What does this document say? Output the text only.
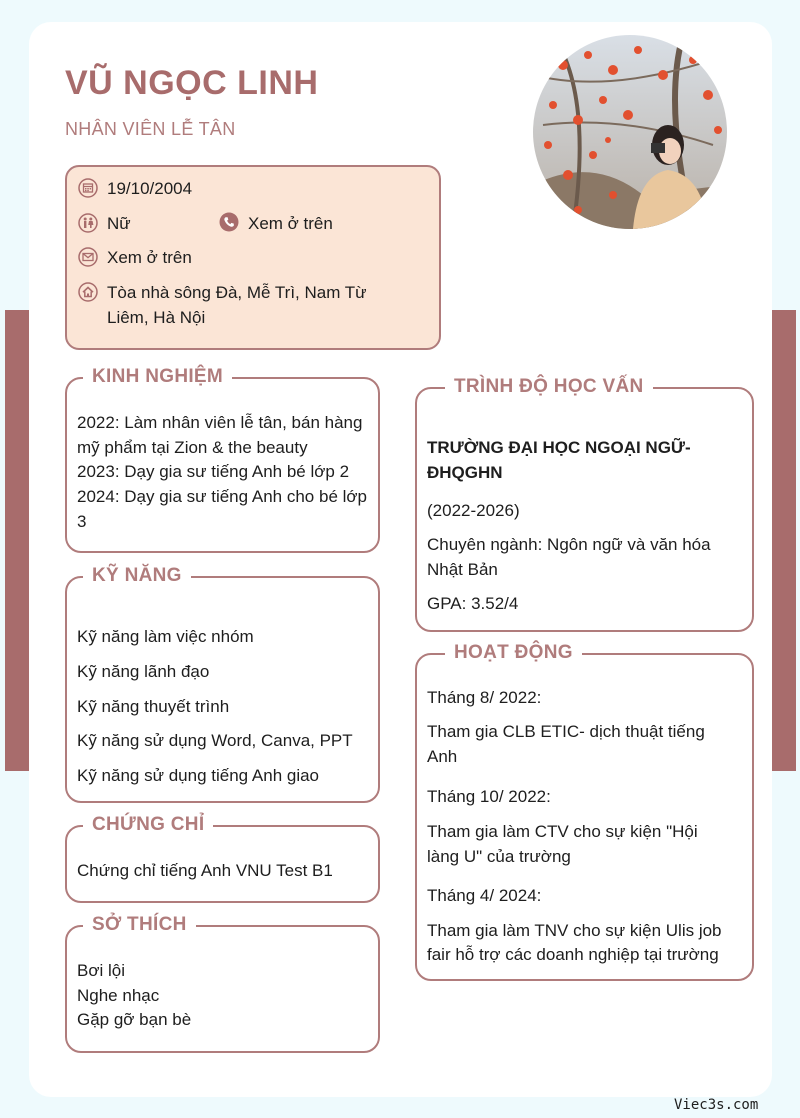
VŨ NGỌC LINH
NHÂN VIÊN LỄ TÂN
19/10/2004
Nữ	Xem ở trên
Xem ở trên
Tòa nhà sông Đà, Mễ Trì, Nam Từ
Liêm, Hà Nội
KINH NGHIỆM
2022: Làm nhân viên lễ tân, bán hàng
mỹ phẩm tại Zion & the beauty
2023: Dạy gia sư tiếng Anh bé lớp 2
2024: Dạy gia sư tiếng Anh cho bé lớp
3
KỸ NĂNG
Kỹ năng làm việc nhóm
Kỹ năng lãnh đạo
Kỹ năng thuyết trình
Kỹ năng sử dụng Word, Canva, PPT
Kỹ năng sử dụng tiếng Anh giao
CHỨNG CHỈ
Chứng chỉ tiếng Anh VNU Test B1
SỞ THÍCH
Bơi lội
Nghe nhạc
Gặp gỡ bạn bè
TRÌNH ĐỘ HỌC VẤN
TRƯỜNG ĐẠI HỌC NGOẠI NGỮ-
ĐHQGHN
(2022-2026)
Chuyên ngành: Ngôn ngữ và văn hóa
Nhật Bản
GPA: 3.52/4
HOẠT ĐỘNG
Tháng 8/ 2022:
Tham gia CLB ETIC- dịch thuật tiếng
Anh
Tháng 10/ 2022:
Tham gia làm CTV cho sự kiện "Hội
làng U" của trường
Tháng 4/ 2024:
Tham gia làm TNV cho sự kiện Ulis job
fair hỗ trợ các doanh nghiệp tại trường
Viec3s.com
